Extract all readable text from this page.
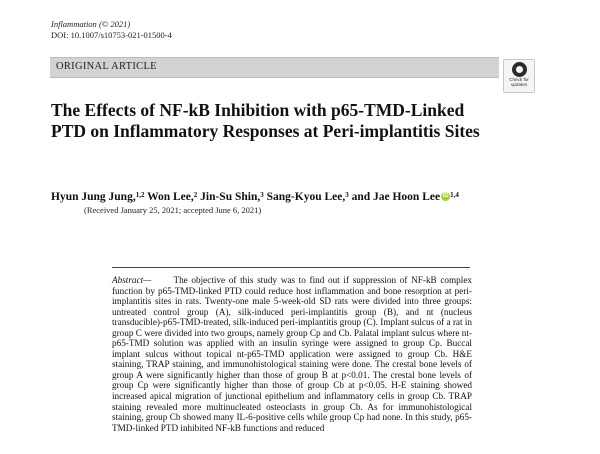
Inflammation (© 2021)
DOI: 10.1007/s10753-021-01500-4
ORIGINAL ARTICLE
Check for
updates
The Effects of NF-kB Inhibition with p65-TMD-Linked PTD on Inflammatory Responses at Peri-implantitis Sites
Hyun Jung Jung,$^{1,2}$ Won Lee,$^2$ Jin-Su Shin,$^3$ Sang-Kyou Lee,$^3$ and Jae Hoon Lee iD $^{1,4}$
(Received January 25, 2021; accepted June 6, 2021)

Abstract— The objective of this study was to find out if suppression of NF-kB complex function by p65-TMD-linked PTD could reduce host inflammation and bone resorption at peri-implantitis sites in rats. Twenty-one male 5-week-old SD rats were divided into three groups: untreated control group (A), silk-induced peri-implantitis group (B), and nt (nucleus transducible)-p65-TMD-treated, silk-induced peri-implantitis group (C). Implant sulcus of a rat in group C were divided into two groups, namely group Cp and Cb. Palatal implant sulcus where nt-p65-TMD solution was applied with an insulin syringe were assigned to group Cp. Buccal implant sulcus without topical nt-p65-TMD application were assigned to group Cb. H&E staining, TRAP staining, and immunohistological staining were done. The crestal bone levels of group A were significantly higher than those of group B at p<0.01. The crestal bone levels of group Cp were significantly higher than those of group Cb at p<0.05. H-E staining showed increased apical migration of junctional epithelium and inflammatory cells in group Cb. TRAP staining revealed more multinucleated osteoclasts in group Cb. As for immunohistological staining, group Cb showed many IL-6-positive cells while group Cp had none. In this study, p65-TMD-linked PTD inhibited NF-kB functions and reduced
